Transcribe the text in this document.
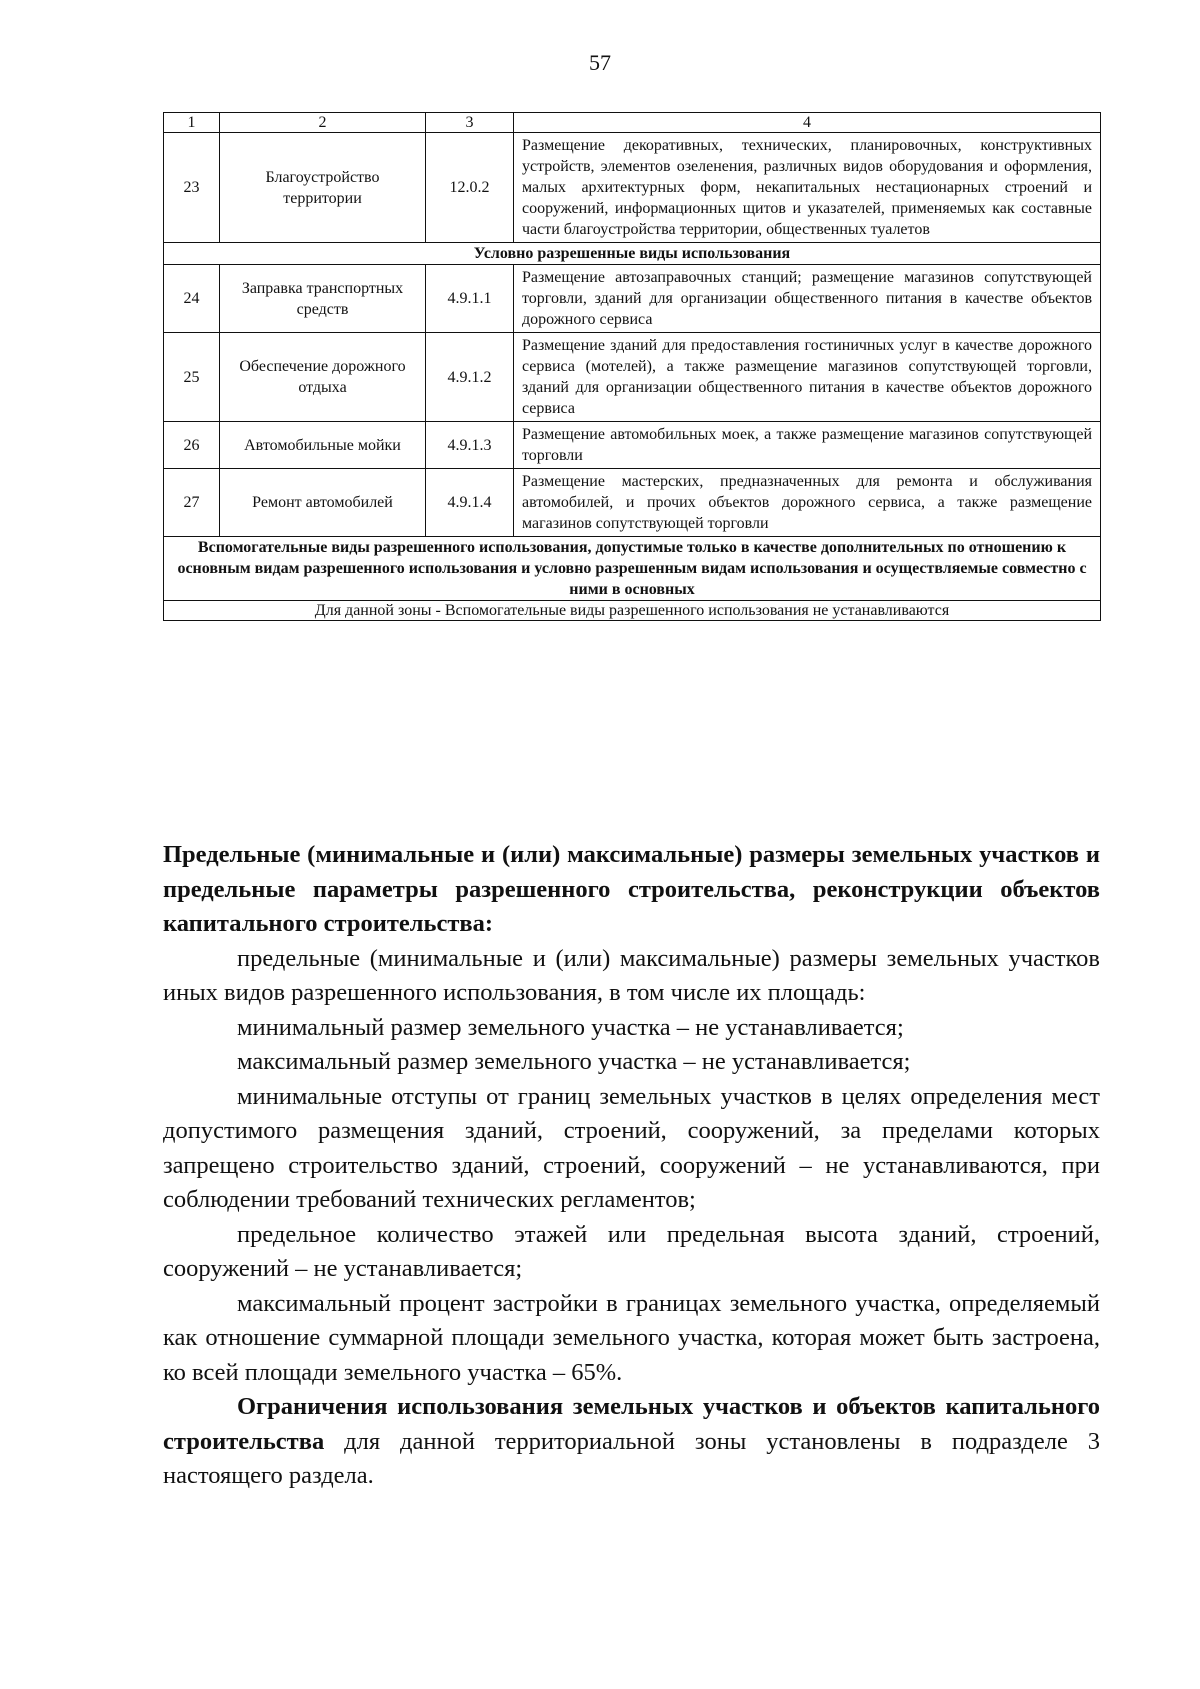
57
1	2	3	4
23	Благоустройство территории	12.0.2	Размещение декоративных, технических, планировочных, конструктивных устройств, элементов озеленения, различных видов оборудования и оформления, малых архитектурных форм, некапитальных нестационарных строений и сооружений, информационных щитов и указателей, применяемых как составные части благоустройства территории, общественных туалетов
Условно разрешенные виды использования			
24	Заправка транспортных средств	4.9.1.1	Размещение автозаправочных станций; размещение магазинов сопутствующей торговли, зданий для организации общественного питания в качестве объектов дорожного сервиса
25	Обеспечение дорожного отдыха	4.9.1.2	Размещение зданий для предоставления гостиничных услуг в качестве дорожного сервиса (мотелей), а также размещение магазинов сопутствующей торговли, зданий для организации общественного питания в качестве объектов дорожного сервиса
26	Автомобильные мойки	4.9.1.3	Размещение автомобильных моек, а также размещение магазинов сопутствующей торговли
27	Ремонт автомобилей	4.9.1.4	Размещение мастерских, предназначенных для ремонта и обслуживания автомобилей, и прочих объектов дорожного сервиса, а также размещение магазинов сопутствующей торговли
Вспомогательные виды разрешенного использования, допустимые только в качестве дополнительных по отношению к основным видам разрешенного использования и условно разрешенным видам использования и осуществляемые совместно с ними в основных			
Для данной зоны - Вспомогательные виды разрешенного использования не устанавливаются			

Предельные (минимальные и (или) максимальные) размеры земельных участков и предельные параметры разрешенного строительства, реконструкции объектов капитального строительства:

предельные (минимальные и (или) максимальные) размеры земельных участков иных видов разрешенного использования, в том числе их площадь:

минимальный размер земельного участка – не устанавливается;

максимальный размер земельного участка – не устанавливается;

минимальные отступы от границ земельных участков в целях определения мест допустимого размещения зданий, строений, сооружений, за пределами которых запрещено строительство зданий, строений, сооружений – не устанавливаются, при соблюдении требований технических регламентов;

предельное количество этажей или предельная высота зданий, строений, сооружений – не устанавливается;

максимальный процент застройки в границах земельного участка, определяемый как отношение суммарной площади земельного участка, которая может быть застроена, ко всей площади земельного участка – 65%.

Ограничения использования земельных участков и объектов капитального строительства для данной территориальной зоны установлены в подразделе 3 настоящего раздела.
